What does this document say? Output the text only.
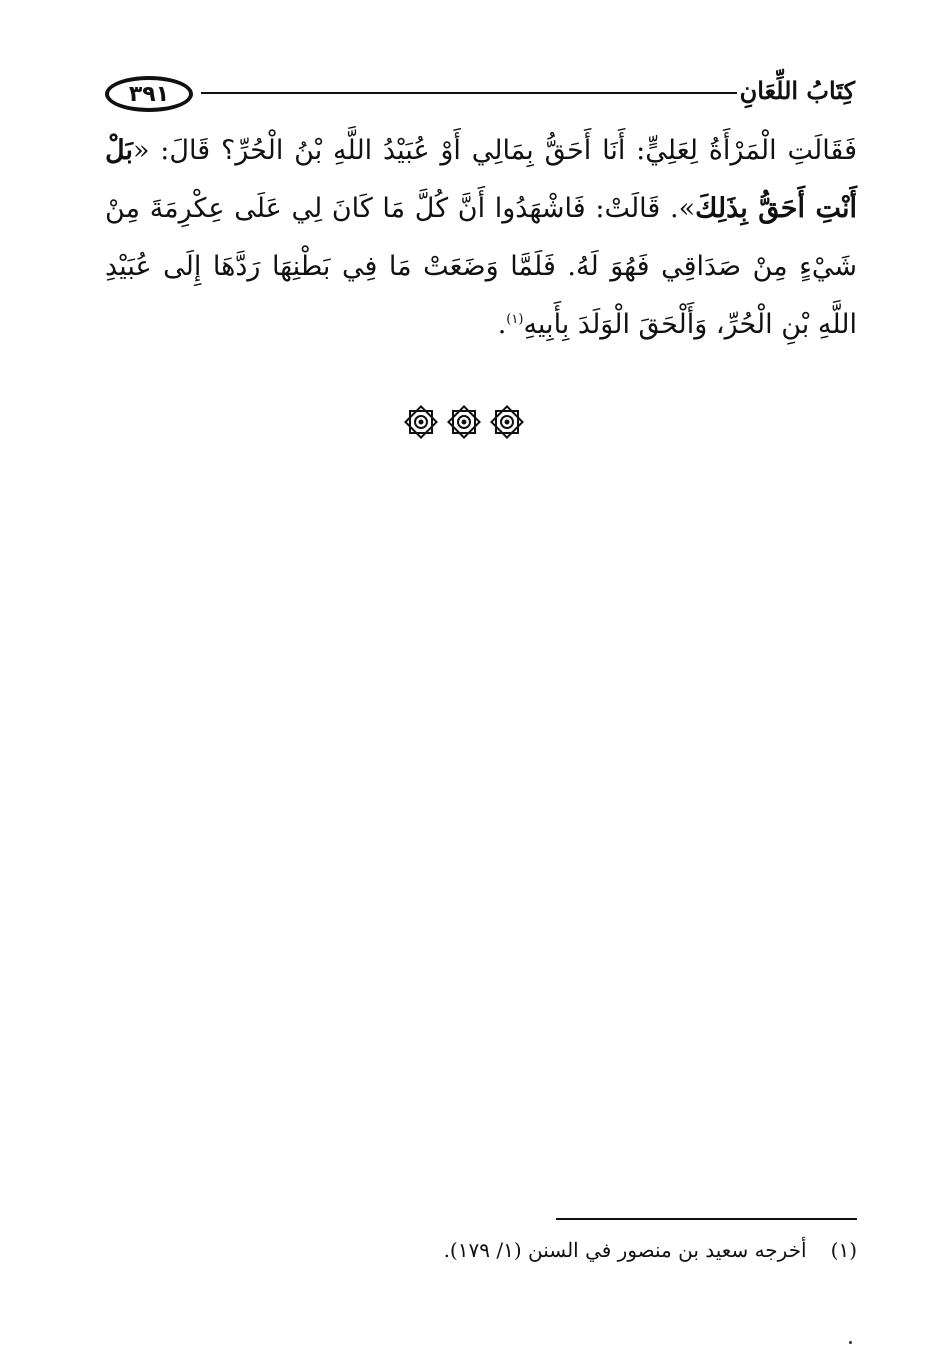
٣٩١	كِتَابُ اللِّعَانِ

فَقَالَتِ الْمَرْأَةُ لِعَلِيٍّ: أَنَا أَحَقُّ بِمَالِي أَوْ عُبَيْدُ اللَّهِ بْنُ الْحُرِّ؟ قَالَ: «بَلْ أَنْتِ أَحَقُّ بِذَلِكَ». قَالَتْ: فَاشْهَدُوا أَنَّ كُلَّ مَا كَانَ لِي عَلَى عِكْرِمَةَ مِنْ شَيْءٍ مِنْ صَدَاقِي فَهُوَ لَهُ. فَلَمَّا وَضَعَتْ مَا فِي بَطْنِهَا رَدَّهَا إِلَى عُبَيْدِ اللَّهِ بْنِ الْحُرِّ، وَأَلْحَقَ الْوَلَدَ بِأَبِيهِ$^{(١)}$.

(١)أخرجه سعيد بن منصور في السنن (١/ ١٧٩).
